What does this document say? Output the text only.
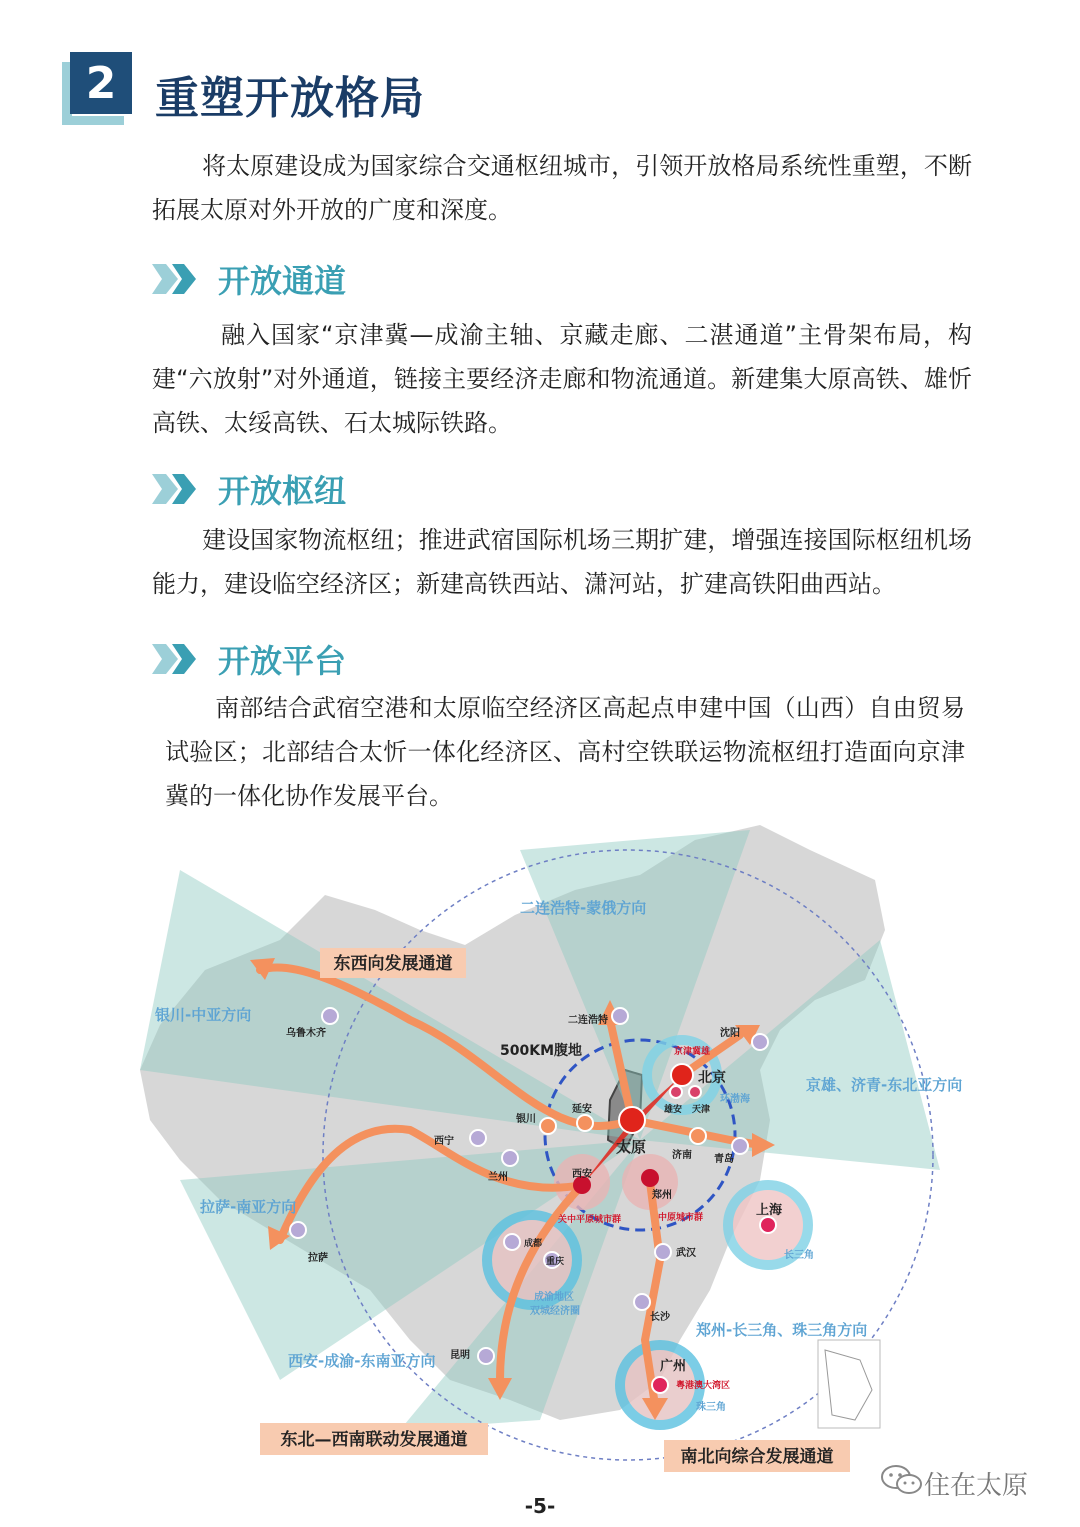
2 重塑开放格局
将太原建设成为国家综合交通枢纽城市，引领开放格局系统性重塑，不断拓展太原对外开放的广度和深度。
开放通道
融入国家“京津冀—成渝主轴、京藏走廊、二湛通道”主骨架布局，构建“六放射”对外通道，链接主要经济走廊和物流通道。新建集大原高铁、雄忻高铁、太绥高铁、石太城际铁路。
开放枢纽
建设国家物流枢纽；推进武宿国际机场三期扩建，增强连接国际枢纽机场能力，建设临空经济区；新建高铁西站、潇河站，扩建高铁阳曲西站。
开放平台
南部结合武宿空港和太原临空经济区高起点申建中国（山西）自由贸易试验区；北部结合太忻一体化经济区、高村空铁联运物流枢纽打造面向京津冀的一体化协作发展平台。
二连浩特-蒙俄方向
银川-中亚方向
京雄、济青-东北亚方向
拉萨-南亚方向
郑州-长三角、珠三角方向
西安-成渝-东南亚方向
东西向发展通道
东北—西南联动发展通道
南北向综合发展通道
500KM腹地
乌鲁木齐
二连浩特
沈阳
北京
京津冀雄
雄安 天津
环渤海
太原
银川
延安
西宁
兰州
济南 青岛
西安
郑州
关中平原城市群	中原城市群	上海
长三角
成都
重庆
成渝地区
双城经济圈
武汉
拉萨
长沙
昆明
广州
粤港澳大湾区
珠三角
-5-
住在太原
